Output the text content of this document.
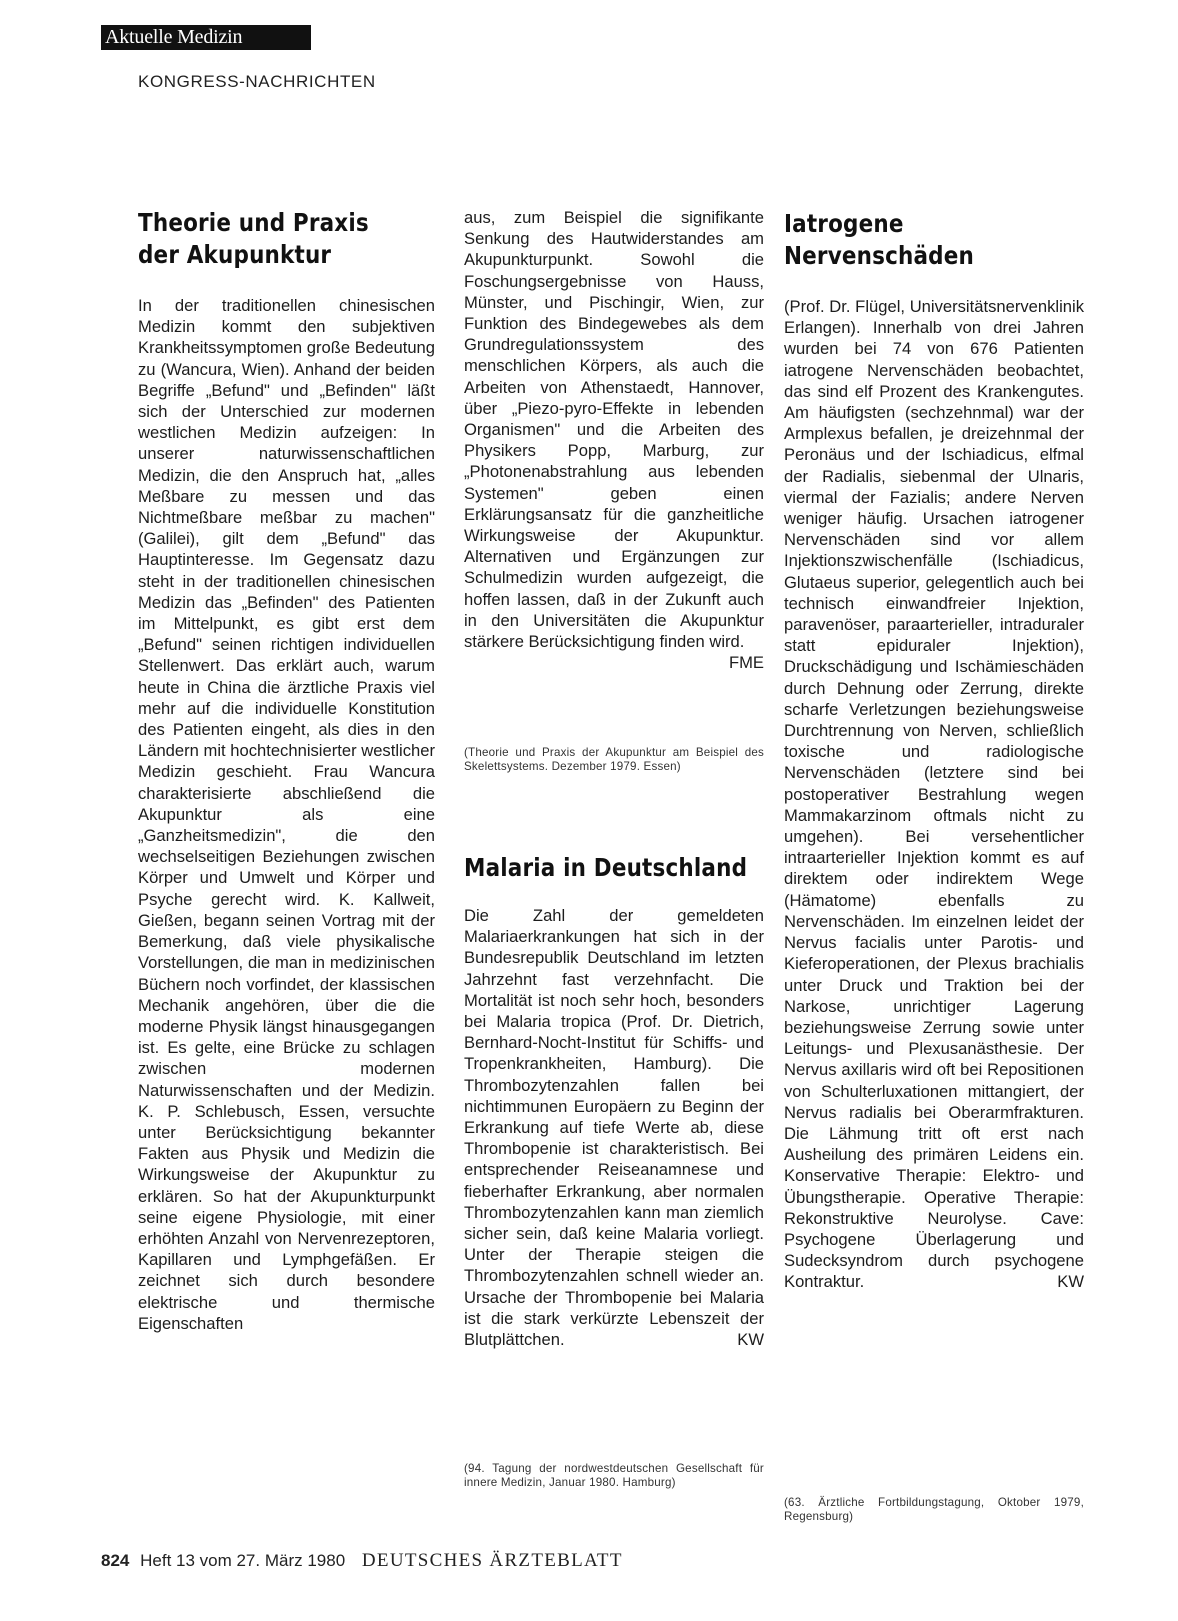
Aktuelle Medizin
KONGRESS-NACHRICHTEN
Theorie und Praxis
der Akupunktur

In der traditionellen chinesischen Medizin kommt den subjektiven Krankheitssymptomen große Bedeutung zu (Wancura, Wien). Anhand der beiden Begriffe „Befund" und „Befinden" läßt sich der Unterschied zur modernen westlichen Medizin aufzeigen: In unserer naturwissenschaftlichen Medizin, die den Anspruch hat, „alles Meßbare zu messen und das Nichtmeßbare meßbar zu machen" (Galilei), gilt dem „Befund" das Hauptinteresse. Im Gegensatz dazu steht in der traditionellen chinesischen Medizin das „Befinden" des Patienten im Mittelpunkt, es gibt erst dem „Befund" seinen richtigen individuellen Stellenwert. Das erklärt auch, warum heute in China die ärztliche Praxis viel mehr auf die individuelle Konstitution des Patienten eingeht, als dies in den Ländern mit hochtechnisierter westlicher Medizin geschieht. Frau Wancura charakterisierte abschließend die Akupunktur als eine „Ganzheitsmedizin", die den wechselseitigen Beziehungen zwischen Körper und Umwelt und Körper und Psyche gerecht wird. K. Kallweit, Gießen, begann seinen Vortrag mit der Bemerkung, daß viele physikalische Vorstellungen, die man in medizinischen Büchern noch vorfindet, der klassischen Mechanik angehören, über die die moderne Physik längst hinausgegangen ist. Es gelte, eine Brücke zu schlagen zwischen modernen Naturwissenschaften und der Medizin. K. P. Schlebusch, Essen, versuchte unter Berücksichtigung bekannter Fakten aus Physik und Medizin die Wirkungsweise der Akupunktur zu erklären. So hat der Akupunkturpunkt seine eigene Physiologie, mit einer erhöhten Anzahl von Nervenrezeptoren, Kapillaren und Lymphgefäßen. Er zeichnet sich durch besondere elektrische und thermische Eigenschaften

aus, zum Beispiel die signifikante Senkung des Hautwiderstandes am Akupunkturpunkt. Sowohl die Foschungsergebnisse von Hauss, Münster, und Pischingir, Wien, zur Funktion des Bindegewebes als dem Grundregulationssystem des menschlichen Körpers, als auch die Arbeiten von Athenstaedt, Hannover, über „Piezo-pyro-Effekte in lebenden Organismen" und die Arbeiten des Physikers Popp, Marburg, zur „Photonenabstrahlung aus lebenden Systemen" geben einen Erklärungsansatz für die ganzheitliche Wirkungsweise der Akupunktur. Alternativen und Ergänzungen zur Schulmedizin wurden aufgezeigt, die hoffen lassen, daß in der Zukunft auch in den Universitäten die Akupunktur stärkere Berücksichtigung finden wird.
FME

(Theorie und Praxis der Akupunktur am Beispiel des Skelettsystems. Dezember 1979. Essen)
Malaria in Deutschland

Die Zahl der gemeldeten Malariaerkrankungen hat sich in der Bundesrepublik Deutschland im letzten Jahrzehnt fast verzehnfacht. Die Mortalität ist noch sehr hoch, besonders bei Malaria tropica (Prof. Dr. Dietrich, Bernhard-Nocht-Institut für Schiffs- und Tropenkrankheiten, Hamburg). Die Thrombozytenzahlen fallen bei nichtimmunen Europäern zu Beginn der Erkrankung auf tiefe Werte ab, diese Thrombopenie ist charakteristisch. Bei entsprechender Reiseanamnese und fieberhafter Erkrankung, aber normalen Thrombozytenzahlen kann man ziemlich sicher sein, daß keine Malaria vorliegt. Unter der Therapie steigen die Thrombozytenzahlen schnell wieder an. Ursache der Thrombopenie bei Malaria ist die stark verkürzte Lebenszeit der Blutplättchen.	KW

(94. Tagung der nordwestdeutschen Gesellschaft für innere Medizin, Januar 1980. Hamburg)
Iatrogene
Nervenschäden

(Prof. Dr. Flügel, Universitätsnervenklinik Erlangen). Innerhalb von drei Jahren wurden bei 74 von 676 Patienten iatrogene Nervenschäden beobachtet, das sind elf Prozent des Krankengutes. Am häufigsten (sechzehnmal) war der Armplexus befallen, je dreizehnmal der Peronäus und der Ischiadicus, elfmal der Radialis, siebenmal der Ulnaris, viermal der Fazialis; andere Nerven weniger häufig. Ursachen iatrogener Nervenschäden sind vor allem Injektionszwischenfälle (Ischiadicus, Glutaeus superior, gelegentlich auch bei technisch einwandfreier Injektion, paravenöser, paraarterieller, intraduraler statt epiduraler Injektion), Druckschädigung und Ischämieschäden durch Dehnung oder Zerrung, direkte scharfe Verletzungen beziehungsweise Durchtrennung von Nerven, schließlich toxische und radiologische Nervenschäden (letztere sind bei postoperativer Bestrahlung wegen Mammakarzinom oftmals nicht zu umgehen). Bei versehentlicher intraarterieller Injektion kommt es auf direktem oder indirektem Wege (Hämatome) ebenfalls zu Nervenschäden. Im einzelnen leidet der Nervus facialis unter Parotis- und Kieferoperationen, der Plexus brachialis unter Druck und Traktion bei der Narkose, unrichtiger Lagerung beziehungsweise Zerrung sowie unter Leitungs- und Plexusanästhesie. Der Nervus axillaris wird oft bei Repositionen von Schulterluxationen mittangiert, der Nervus radialis bei Oberarmfrakturen. Die Lähmung tritt oft erst nach Ausheilung des primären Leidens ein. Konservative Therapie: Elektro- und Übungstherapie. Operative Therapie: Rekonstruktive Neurolyse. Cave: Psychogene Überlagerung und Sudecksyndrom durch psychogene Kontraktur.	KW

(63. Ärztliche Fortbildungstagung, Oktober 1979, Regensburg)
824 Heft 13 vom 27. März 1980 DEUTSCHES ÄRZTEBLATT
